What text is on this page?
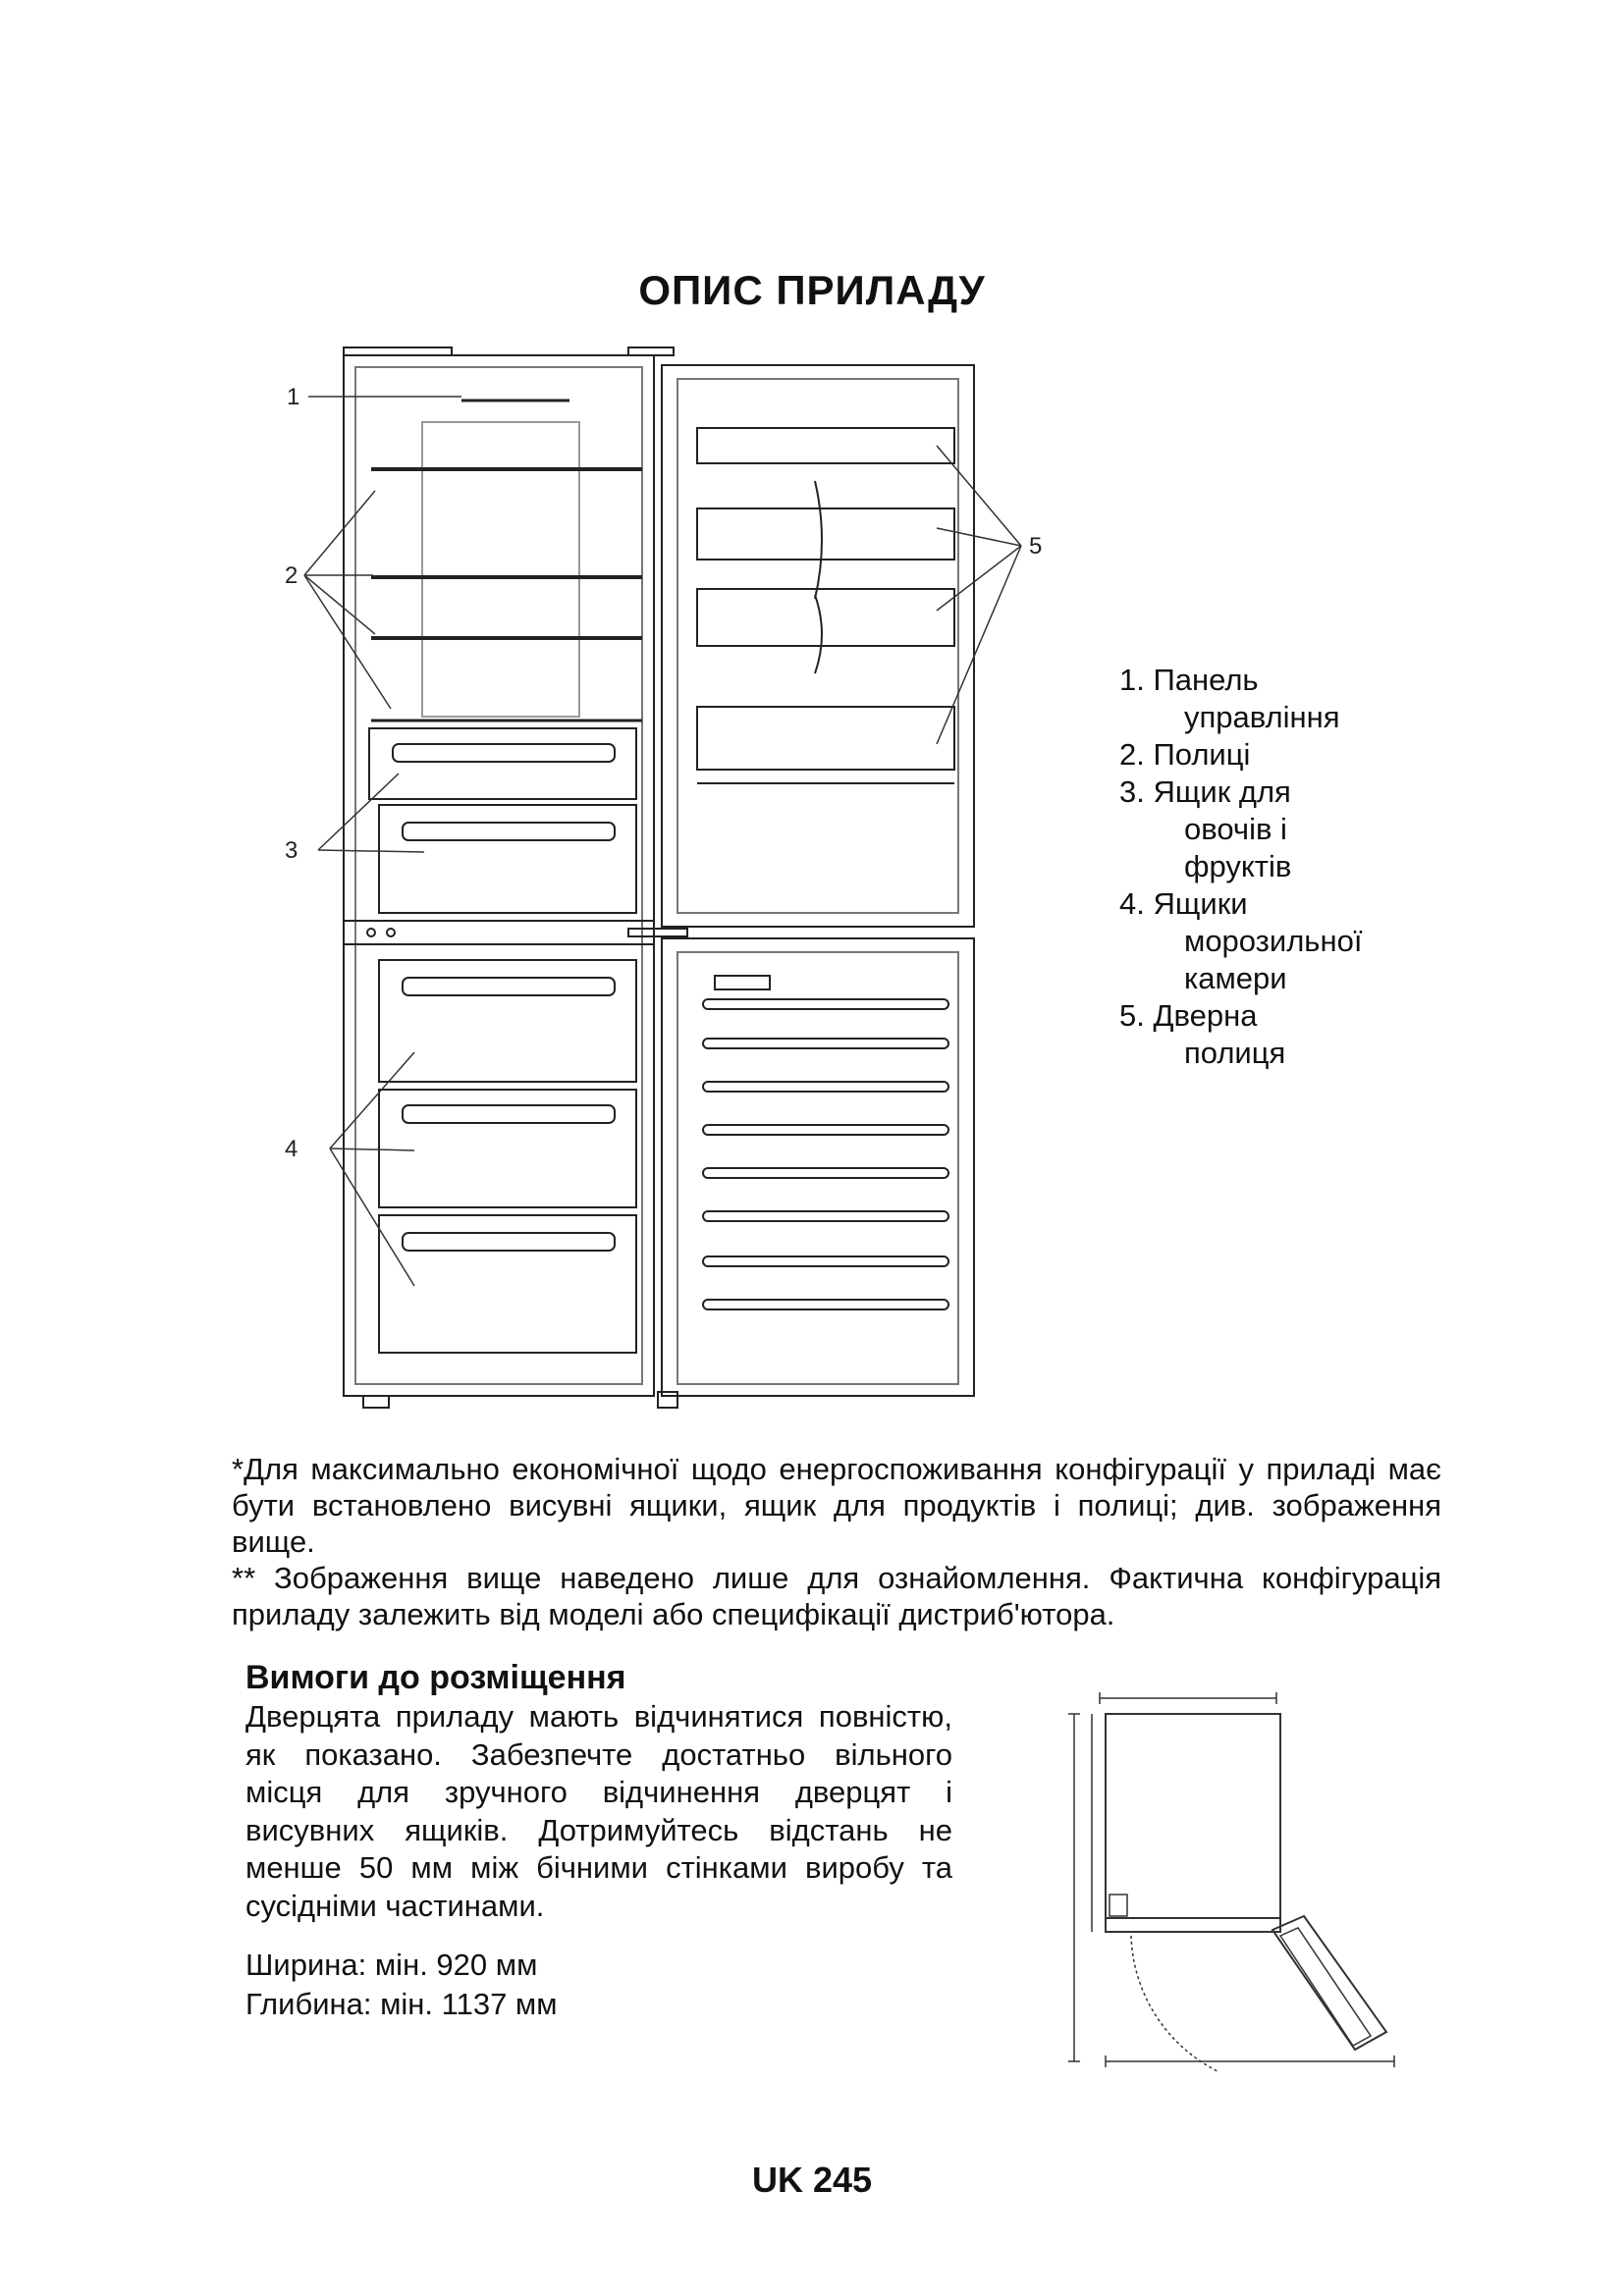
ОПИС ПРИЛАДУ
1
2
3
4
5
1. Панель
управління
2. Полиці
3. Ящик для
овочів і
фруктів
4. Ящики
морозильної
камери
5. Дверна
полиця

*Для максимально економічної щодо енергоспоживання конфігурації у приладі має бути встановлено висувні ящики, ящик для продуктів і полиці; див. зображення вище.

** Зображення вище наведено лише для ознайомлення. Фактична конфігурація приладу залежить від моделі або специфікації дистриб'ютора.

Вимоги до розміщення

Дверцята приладу мають відчинятися повністю, як показано. Забезпечте достатньо вільного місця для зручного відчинення дверцят і висувних ящиків. Дотримуйтесь відстань не менше 50 мм між бічними стінками виробу та сусідніми частинами.

Ширина: мін. 920 мм
Глибина: мін. 1137 мм
UK 245
